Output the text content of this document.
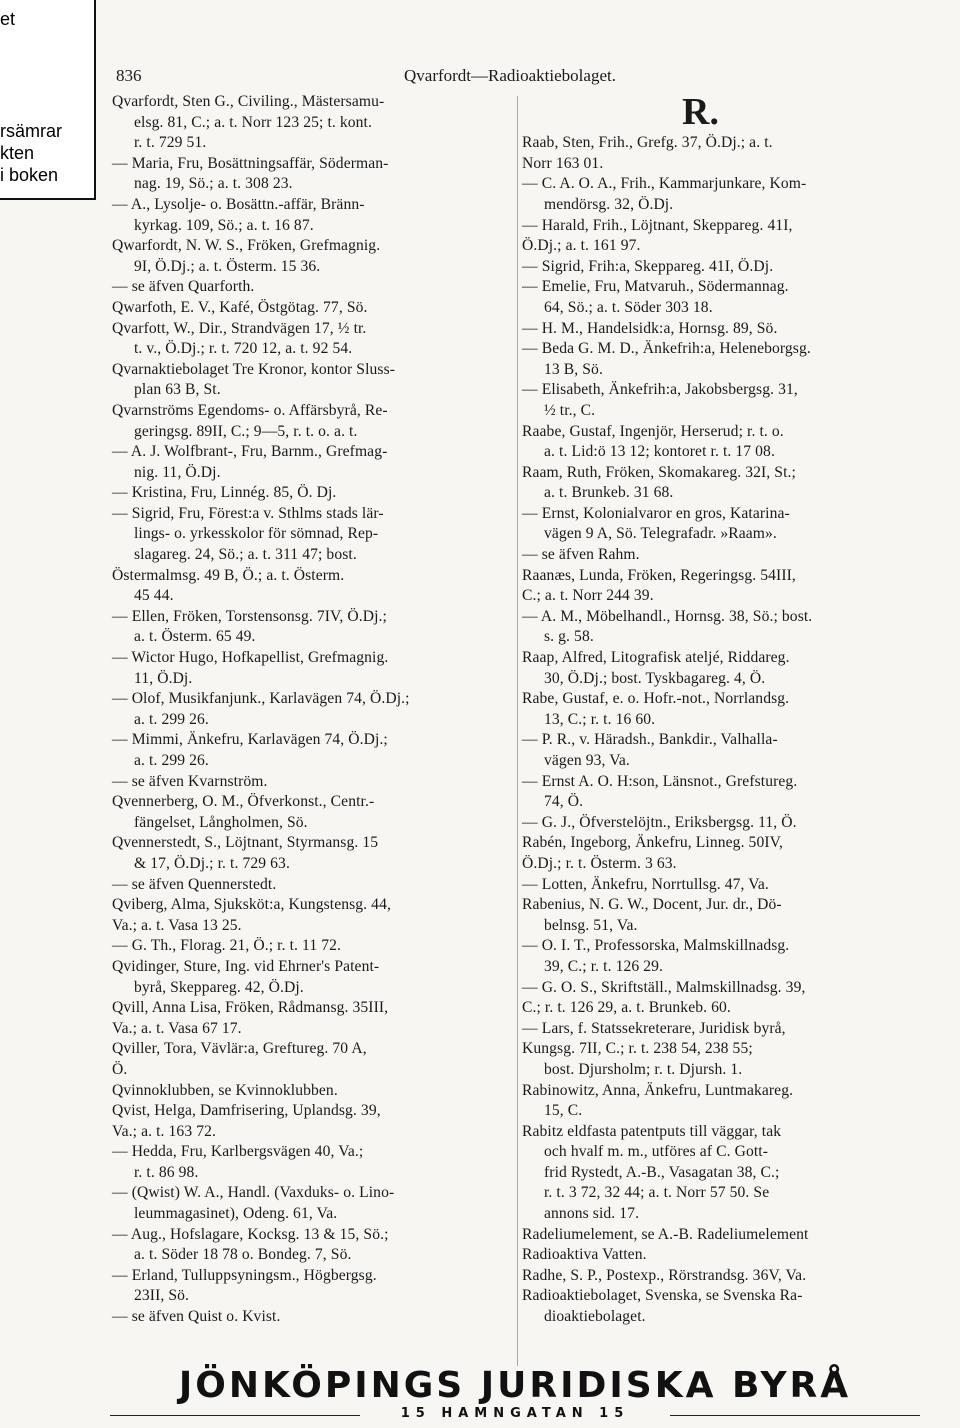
et
rsämrar
kten
i boken
836	Qvarfordt—Radioaktiebolaget.
R.
Qvarfordt, Sten G., Civiling., Mästersamu-
elsg. 81, C.; a. t. Norr 123 25; t. kont.
r. t. 729 51.
— Maria, Fru, Bosättningsaffär, Söderman-
nag. 19, Sö.; a. t. 308 23.
— A., Lysolje- o. Bosättn.-affär, Bränn-
kyrkag. 109, Sö.; a. t. 16 87.
Qwarfordt, N. W. S., Fröken, Grefmagnig.
9I, Ö.Dj.; a. t. Österm. 15 36.
— se äfven Quarforth.
Qwarfoth, E. V., Kafé, Östgötag. 77, Sö.
Qvarfott, W., Dir., Strandvägen 17, ½ tr.
t. v., Ö.Dj.; r. t. 720 12, a. t. 92 54.
Qvarnaktiebolaget Tre Kronor, kontor Sluss-
plan 63 B, St.
Qvarnströms Egendoms- o. Affärsbyrå, Re-
geringsg. 89II, C.; 9—5, r. t. o. a. t.
— A. J. Wolfbrant-, Fru, Barnm., Grefmag-
nig. 11, Ö.Dj.
— Kristina, Fru, Linnég. 85, Ö. Dj.
— Sigrid, Fru, Förest:a v. Sthlms stads lär-
lings- o. yrkesskolor för sömnad, Rep-
slagareg. 24, Sö.; a. t. 311 47; bost.
Östermalmsg. 49 B, Ö.; a. t. Österm.
45 44.
— Ellen, Fröken, Torstensonsg. 7IV, Ö.Dj.;
a. t. Österm. 65 49.
— Wictor Hugo, Hofkapellist, Grefmagnig.
11, Ö.Dj.
— Olof, Musikfanjunk., Karlavägen 74, Ö.Dj.;
a. t. 299 26.
— Mimmi, Änkefru, Karlavägen 74, Ö.Dj.;
a. t. 299 26.
— se äfven Kvarnström.
Qvennerberg, O. M., Öfverkonst., Centr.-
fängelset, Långholmen, Sö.
Qvennerstedt, S., Löjtnant, Styrmansg. 15
& 17, Ö.Dj.; r. t. 729 63.
— se äfven Quennerstedt.
Qviberg, Alma, Sjuksköt:a, Kungstensg. 44,
Va.; a. t. Vasa 13 25.
— G. Th., Florag. 21, Ö.; r. t. 11 72.
Qvidinger, Sture, Ing. vid Ehrner's Patent-
byrå, Skeppareg. 42, Ö.Dj.
Qvill, Anna Lisa, Fröken, Rådmansg. 35III,
Va.; a. t. Vasa 67 17.
Qviller, Tora, Vävlär:a, Greftureg. 70 A,
Ö.
Qvinnoklubben, se Kvinnoklubben.
Qvist, Helga, Damfrisering, Uplandsg. 39,
Va.; a. t. 163 72.
— Hedda, Fru, Karlbergsvägen 40, Va.;
r. t. 86 98.
— (Qwist) W. A., Handl. (Vaxduks- o. Lino-
leummagasinet), Odeng. 61, Va.
— Aug., Hofslagare, Kocksg. 13 & 15, Sö.;
a. t. Söder 18 78 o. Bondeg. 7, Sö.
— Erland, Tulluppsyningsm., Högbergsg.
23II, Sö.
— se äfven Quist o. Kvist.

Raab, Sten, Frih., Grefg. 37, Ö.Dj.; a. t.
Norr 163 01.
— C. A. O. A., Frih., Kammarjunkare, Kom-
mendörsg. 32, Ö.Dj.
— Harald, Frih., Löjtnant, Skeppareg. 41I,
Ö.Dj.; a. t. 161 97.
— Sigrid, Frih:a, Skeppareg. 41I, Ö.Dj.
— Emelie, Fru, Matvaruh., Södermannag.
64, Sö.; a. t. Söder 303 18.
— H. M., Handelsidk:a, Hornsg. 89, Sö.
— Beda G. M. D., Änkefrih:a, Heleneborgsg.
13 B, Sö.
— Elisabeth, Änkefrih:a, Jakobsbergsg. 31,
½ tr., C.
Raabe, Gustaf, Ingenjör, Herserud; r. t. o.
a. t. Lid:ö 13 12; kontoret r. t. 17 08.
Raam, Ruth, Fröken, Skomakareg. 32I, St.;
a. t. Brunkeb. 31 68.
— Ernst, Kolonialvaror en gros, Katarina-
vägen 9 A, Sö. Telegrafadr. »Raam».
— se äfven Rahm.
Raanæs, Lunda, Fröken, Regeringsg. 54III,
C.; a. t. Norr 244 39.
— A. M., Möbelhandl., Hornsg. 38, Sö.; bost.
s. g. 58.
Raap, Alfred, Litografisk ateljé, Riddareg.
30, Ö.Dj.; bost. Tyskbagareg. 4, Ö.
Rabe, Gustaf, e. o. Hofr.-not., Norrlandsg.
13, C.; r. t. 16 60.
— P. R., v. Häradsh., Bankdir., Valhalla-
vägen 93, Va.
— Ernst A. O. H:son, Länsnot., Grefstureg.
74, Ö.
— G. J., Öfverstelöjtn., Eriksbergsg. 11, Ö.
Rabén, Ingeborg, Änkefru, Linneg. 50IV,
Ö.Dj.; r. t. Österm. 3 63.
— Lotten, Änkefru, Norrtullsg. 47, Va.
Rabenius, N. G. W., Docent, Jur. dr., Dö-
belnsg. 51, Va.
— O. I. T., Professorska, Malmskillnadsg.
39, C.; r. t. 126 29.
— G. O. S., Skriftställ., Malmskillnadsg. 39,
C.; r. t. 126 29, a. t. Brunkeb. 60.
— Lars, f. Statssekreterare, Juridisk byrå,
Kungsg. 7II, C.; r. t. 238 54, 238 55;
bost. Djursholm; r. t. Djursh. 1.
Rabinowitz, Anna, Änkefru, Luntmakareg.
15, C.
Rabitz eldfasta patentputs till väggar, tak
och hvalf m. m., utföres af C. Gott-
frid Rystedt, A.-B., Vasagatan 38, C.;
r. t. 3 72, 32 44; a. t. Norr 57 50. Se
annons sid. 17.
Radeliumelement, se A.-B. Radeliumelement
Radioaktiva Vatten.
Radhe, S. P., Postexp., Rörstrandsg. 36V, Va.
Radioaktiebolaget, Svenska, se Svenska Ra-
dioaktiebolaget.
JÖNKÖPINGS JURIDISKA BYRÅ
15 HAMNGATAN 15
